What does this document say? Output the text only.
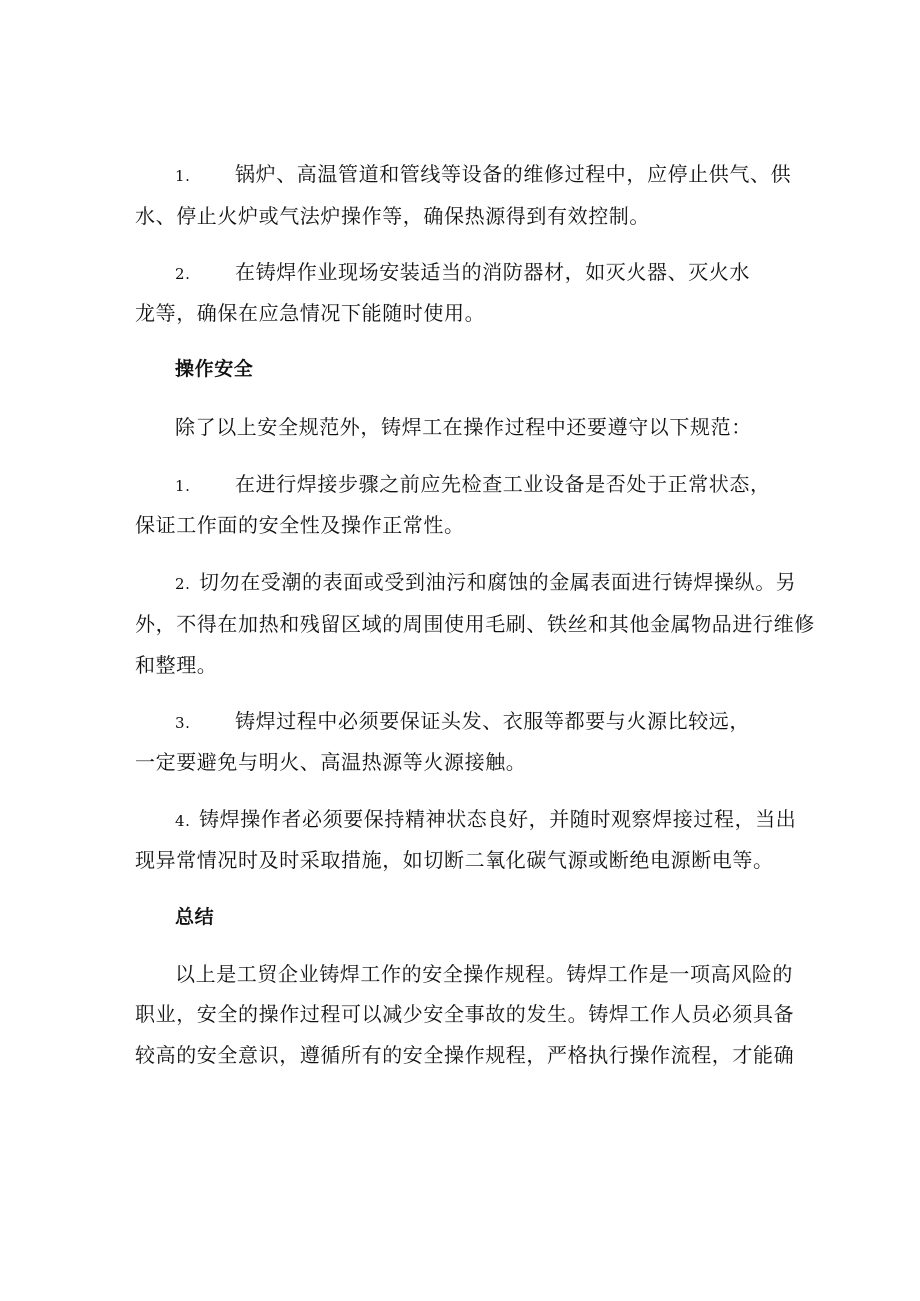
1. 锅炉、高温管道和管线等设备的维修过程中，应停止供气、供
水、停止火炉或气法炉操作等，确保热源得到有效控制。
2. 在铸焊作业现场安装适当的消防器材，如灭火器、灭火水
龙等，确保在应急情况下能随时使用。
操作安全
除了以上安全规范外，铸焊工在操作过程中还要遵守以下规范：
1. 在进行焊接步骤之前应先检查工业设备是否处于正常状态，
保证工作面的安全性及操作正常性。
2. 切勿在受潮的表面或受到油污和腐蚀的金属表面进行铸焊操纵。另
外，不得在加热和残留区域的周围使用毛刷、铁丝和其他金属物品进行维修
和整理。
3. 铸焊过程中必须要保证头发、衣服等都要与火源比较远，
一定要避免与明火、高温热源等火源接触。
4. 铸焊操作者必须要保持精神状态良好，并随时观察焊接过程，当出
现异常情况时及时采取措施，如切断二氧化碳气源或断绝电源断电等。
总结
以上是工贸企业铸焊工作的安全操作规程。铸焊工作是一项高风险的
职业，安全的操作过程可以减少安全事故的发生。铸焊工作人员必须具备
较高的安全意识，遵循所有的安全操作规程，严格执行操作流程，才能确
